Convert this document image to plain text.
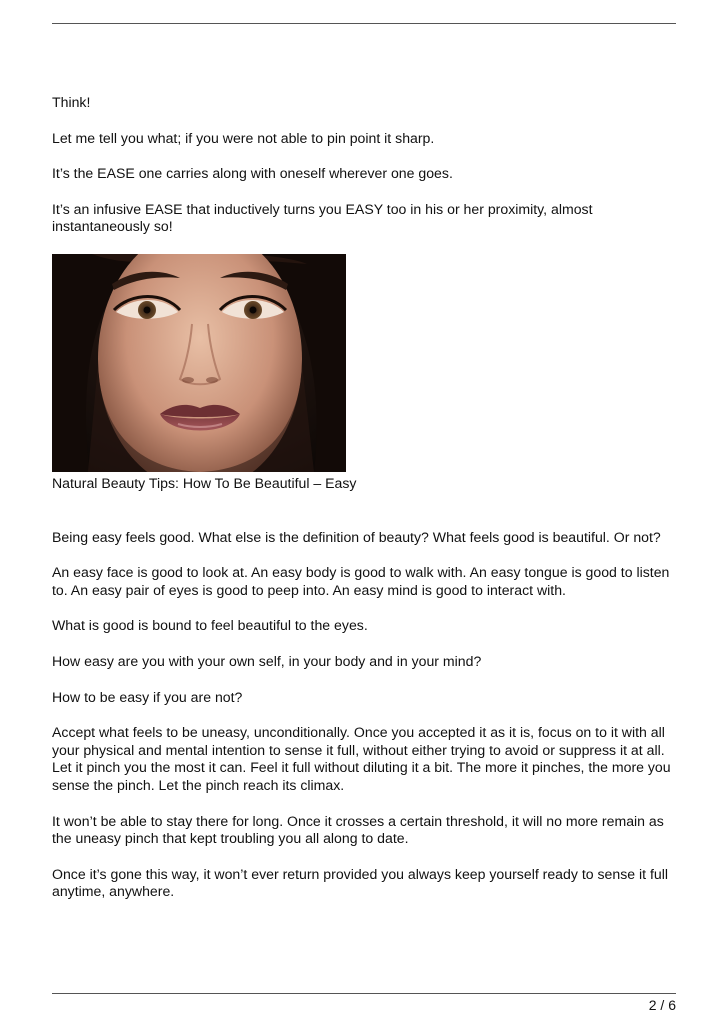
Think!

Let me tell you what; if you were not able to pin point it sharp.

It’s the EASE one carries along with oneself wherever one goes.

It’s an infusive EASE that inductively turns you EASY too in his or her proximity, almost instantaneously so!

Natural Beauty Tips: How To Be Beautiful – Easy

Being easy feels good. What else is the definition of beauty? What feels good is beautiful. Or not?

An easy face is good to look at. An easy body is good to walk with. An easy tongue is good to listen to. An easy pair of eyes is good to peep into. An easy mind is good to interact with.

What is good is bound to feel beautiful to the eyes.

How easy are you with your own self, in your body and in your mind?

How to be easy if you are not?

Accept what feels to be uneasy, unconditionally. Once you accepted it as it is, focus on to it with all your physical and mental intention to sense it full, without either trying to avoid or suppress it at all. Let it pinch you the most it can. Feel it full without diluting it a bit. The more it pinches, the more you sense the pinch. Let the pinch reach its climax.

It won’t be able to stay there for long. Once it crosses a certain threshold, it will no more remain as the uneasy pinch that kept troubling you all along to date.

Once it’s gone this way, it won’t ever return provided you always keep yourself ready to sense it full anytime, anywhere.

2 / 6
